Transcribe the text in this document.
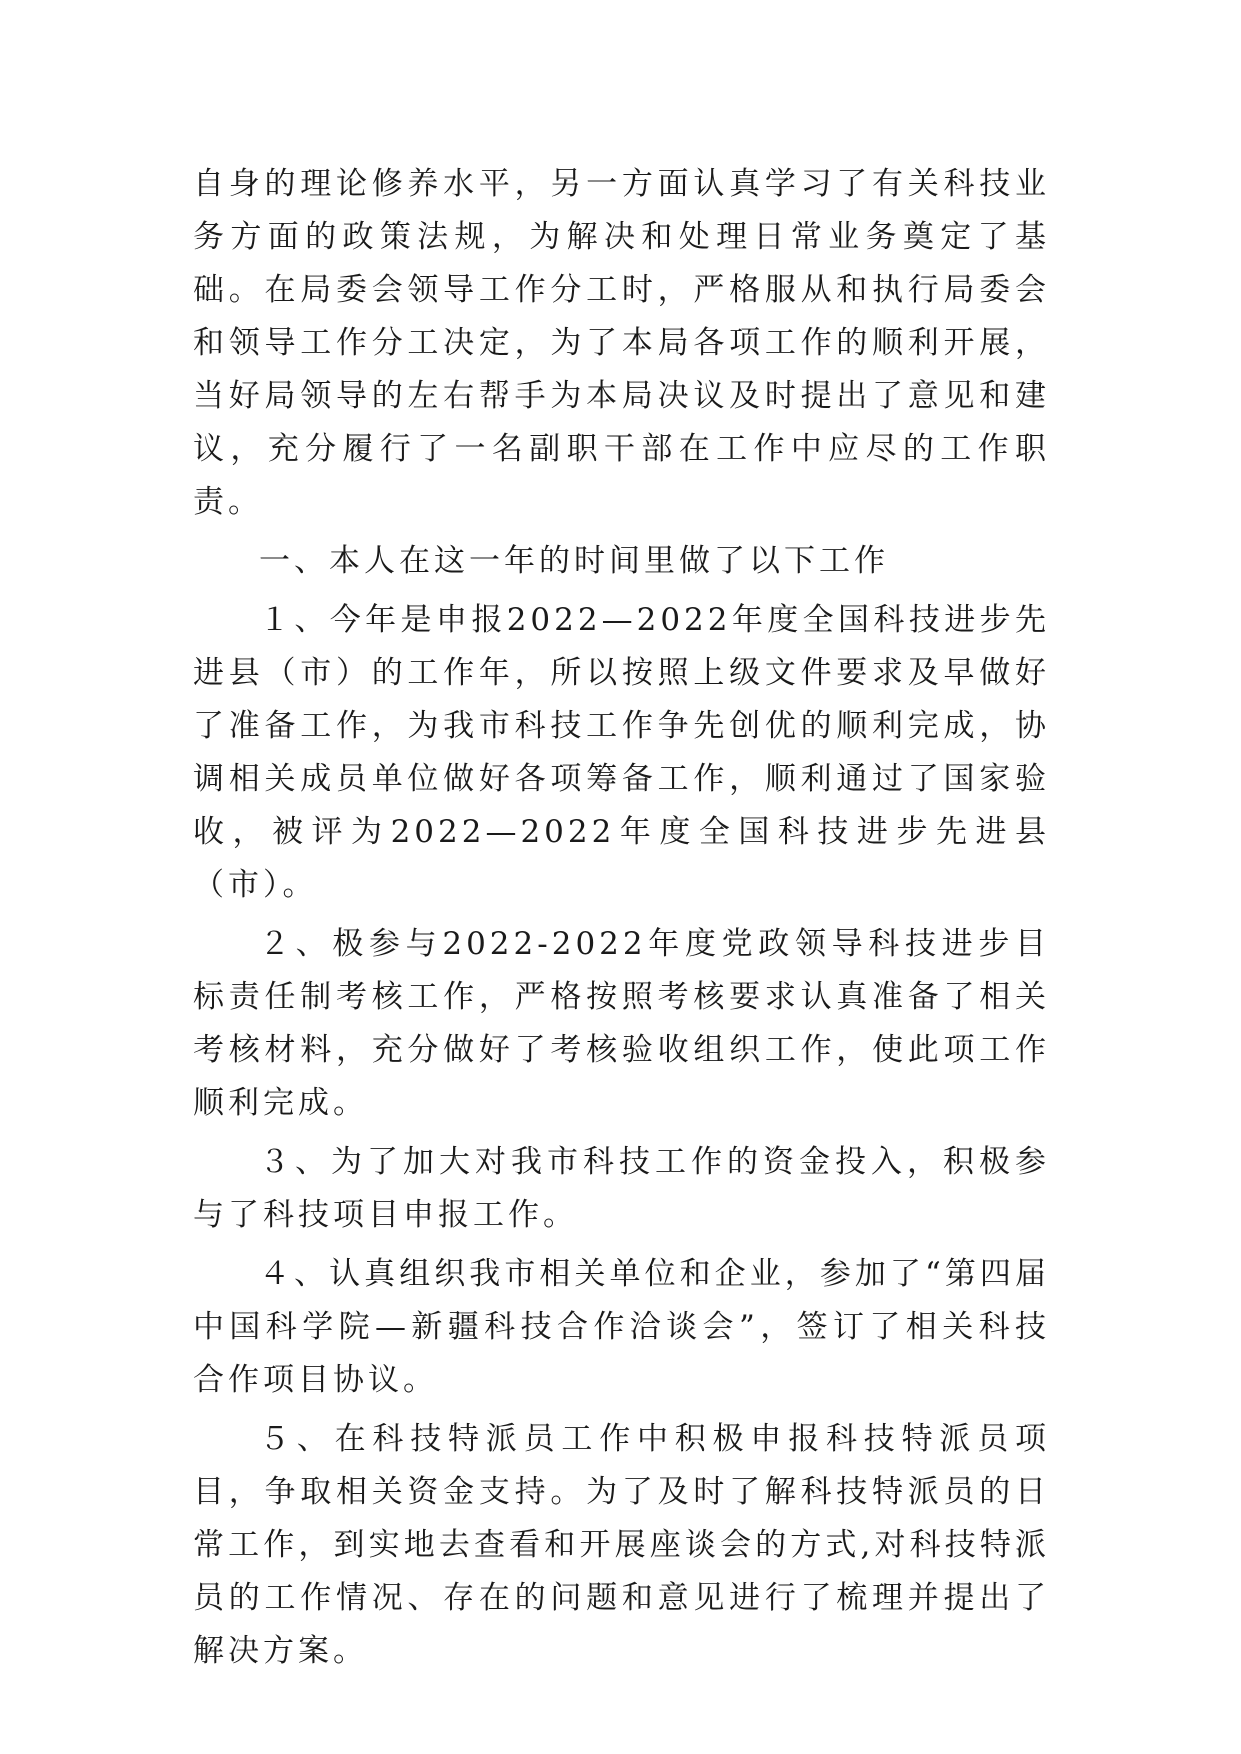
自身的理论修养水平，另一方面认真学习了有关科技业务方面的政策法规，为解决和处理日常业务奠定了基础。在局委会领导工作分工时，严格服从和执行局委会和领导工作分工决定，为了本局各项工作的顺利开展，当好局领导的左右帮手为本局决议及时提出了意见和建议，充分履行了一名副职干部在工作中应尽的工作职责。

一、本人在这一年的时间里做了以下工作

１、今年是申报2022—2022年度全国科技进步先进县（市）的工作年，所以按照上级文件要求及早做好了准备工作，为我市科技工作争先创优的顺利完成，协调相关成员单位做好各项筹备工作，顺利通过了国家验收，被评为2022—2022年度全国科技进步先进县（市）。

２、极参与2022-2022年度党政领导科技进步目标责任制考核工作，严格按照考核要求认真准备了相关考核材料，充分做好了考核验收组织工作，使此项工作顺利完成。

３、为了加大对我市科技工作的资金投入，积极参与了科技项目申报工作。

４、认真组织我市相关单位和企业，参加了“第四届中国科学院—新疆科技合作洽谈会”，签订了相关科技合作项目协议。

５、在科技特派员工作中积极申报科技特派员项目，争取相关资金支持。为了及时了解科技特派员的日常工作，到实地去查看和开展座谈会的方式,对科技特派员的工作情况、存在的问题和意见进行了梳理并提出了解决方案。
